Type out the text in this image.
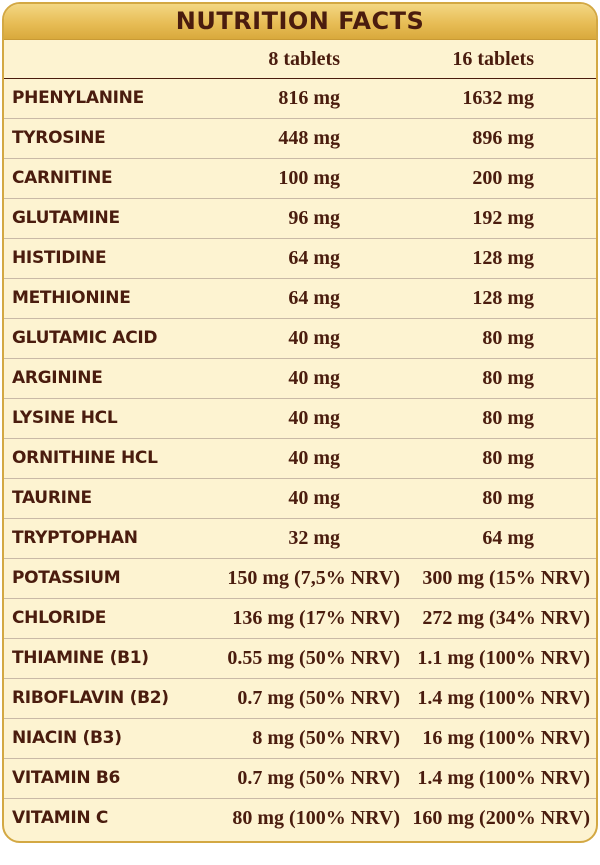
NUTRITION FACTS
8 tablets	16 tablets
PHENYLANINE	816 mg	1632 mg
TYROSINE	448 mg	896 mg
CARNITINE	100 mg	200 mg
GLUTAMINE	96 mg	192 mg
HISTIDINE	64 mg	128 mg
METHIONINE	64 mg	128 mg
GLUTAMIC ACID	40 mg	80 mg
ARGININE	40 mg	80 mg
LYSINE HCL	40 mg	80 mg
ORNITHINE HCL	40 mg	80 mg
TAURINE	40 mg	80 mg
TRYPTOPHAN	32 mg	64 mg
POTASSIUM	150 mg (7,5% NRV) 300 mg (15% NRV)
CHLORIDE	136 mg (17% NRV) 272 mg (34% NRV)
THIAMINE (B1)	0.55 mg (50% NRV) 1.1 mg (100% NRV)
RIBOFLAVIN (B2)	0.7 mg (50% NRV) 1.4 mg (100% NRV)
NIACIN (B3)	8 mg (50% NRV) 16 mg (100% NRV)
VITAMIN B6	0.7 mg (50% NRV) 1.4 mg (100% NRV)
VITAMIN C	80 mg (100% NRV) 160 mg (200% NRV)
